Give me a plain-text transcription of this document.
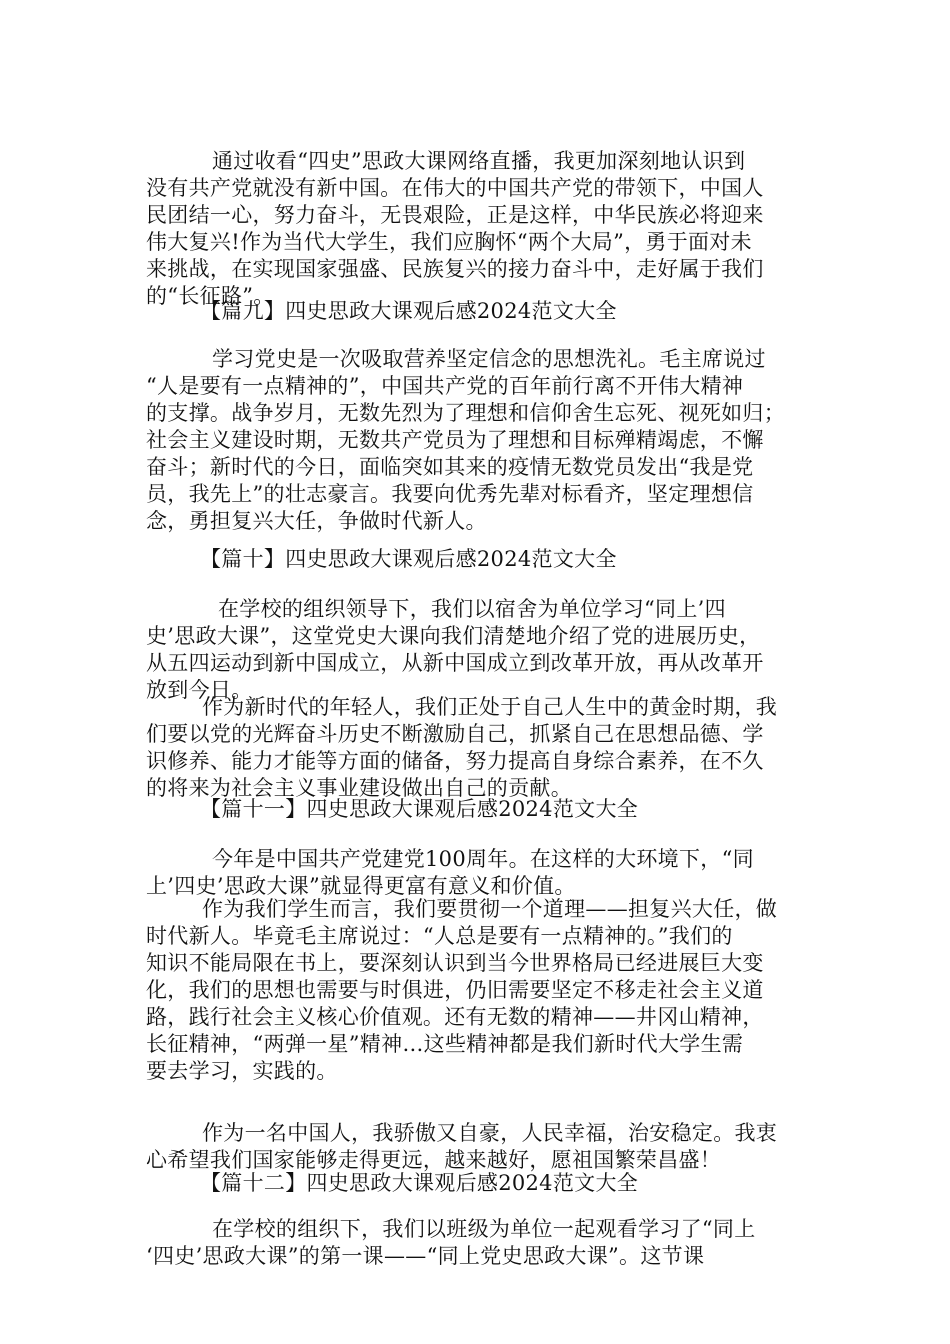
通过收看“四史”思政大课网络直播，我更加深刻地认识到
没有共产党就没有新中国。在伟大的中国共产党的带领下，中国人
民团结一心，努力奋斗，无畏艰险，正是这样，中华民族必将迎来
伟大复兴!作为当代大学生，我们应胸怀“两个大局”，勇于面对未
来挑战，在实现国家强盛、民族复兴的接力奋斗中，走好属于我们
的“长征路”。
【篇九】四史思政大课观后感2024范文大全
学习党史是一次吸取营养坚定信念的思想洗礼。毛主席说过
“人是要有一点精神的”，中国共产党的百年前行离不开伟大精神
的支撑。战争岁月，无数先烈为了理想和信仰舍生忘死、视死如归；
社会主义建设时期，无数共产党员为了理想和目标殚精竭虑，不懈
奋斗；新时代的今日，面临突如其来的疫情无数党员发出“我是党
员，我先上”的壮志豪言。我要向优秀先辈对标看齐，坚定理想信
念，勇担复兴大任，争做时代新人。
【篇十】四史思政大课观后感2024范文大全
在学校的组织领导下，我们以宿舍为单位学习“同上’四
史’思政大课”，这堂党史大课向我们清楚地介绍了党的进展历史，
从五四运动到新中国成立，从新中国成立到改革开放，再从改革开
放到今日。
作为新时代的年轻人，我们正处于自己人生中的黄金时期，我
们要以党的光辉奋斗历史不断激励自己，抓紧自己在思想品德、学
识修养、能力才能等方面的储备，努力提高自身综合素养，在不久
的将来为社会主义事业建设做出自己的贡献。
【篇十一】四史思政大课观后感2024范文大全
今年是中国共产党建党100周年。在这样的大环境下，“同
上’四史’思政大课”就显得更富有意义和价值。
作为我们学生而言，我们要贯彻一个道理——担复兴大任，做
时代新人。毕竟毛主席说过：“人总是要有一点精神的。”我们的
知识不能局限在书上，要深刻认识到当今世界格局已经进展巨大变
化，我们的思想也需要与时俱进，仍旧需要坚定不移走社会主义道
路，践行社会主义核心价值观。还有无数的精神——井冈山精神，
长征精神，“两弹一星”精神…这些精神都是我们新时代大学生需
要去学习，实践的。
作为一名中国人，我骄傲又自豪，人民幸福，治安稳定。我衷
心希望我们国家能够走得更远，越来越好，愿祖国繁荣昌盛！
【篇十二】四史思政大课观后感2024范文大全
在学校的组织下，我们以班级为单位一起观看学习了“同上
‘四史’思政大课”的第一课——“同上党史思政大课”。这节课
